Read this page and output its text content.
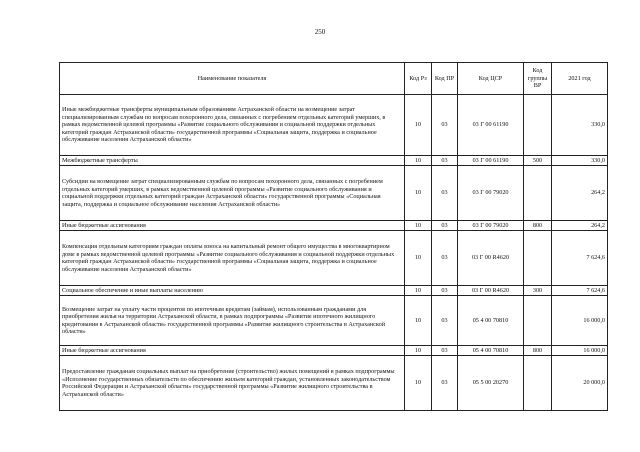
250
Наименование показателя	Код Рз	Код ПР	Код ЦСР	Код группы ВР	2021 год
Иные межбюджетные трансферты муниципальным образованиям Астраханской области на возмещение затрат специализированным службам по вопросам похоронного дела, связанных с погребением отдельных категорий умерших, в рамках ведомственной целевой программы «Развитие социального обслуживания и социальной поддержки отдельных категорий граждан Астраханской области» государственной программы «Социальная защита, поддержка и социальное обслуживание населения Астраханской области»	10	03	03 Г 00 61190		330,0
Межбюджетные трансферты	10	03	03 Г 00 61190	500	330,0
Субсидии на возмещение затрат специализированным службам по вопросам похоронного дела, связанных с погребением отдельных категорий умерших, в рамках ведомственной целевой программы «Развитие социального обслуживания и социальной поддержки отдельных категорий граждан Астраханской области» государственной программы «Социальная защита, поддержка и социальное обслуживание населения Астраханской области»	10	03	03 Г 00 79020		264,2
Иные бюджетные ассигнования	10	03	03 Г 00 79020	800	264,2
Компенсация отдельным категориям граждан оплаты взноса на капитальный ремонт общего имущества в многоквартирном доме в рамках ведомственной целевой программы «Развитие социального обслуживания и социальной поддержки отдельных категорий граждан Астраханской области» государственной программы «Социальная защита, поддержка и социальное обслуживание населения Астраханской области»	10	03	03 Г 00 R4620		7 624,6
Социальное обеспечение и иные выплаты населению	10	03	03 Г 00 R4620	300	7 624,6
Возмещение затрат на уплату части процентов по ипотечным кредитам (займам), использованным гражданами для приобретения жилья на территории Астраханской области, в рамках подпрограммы «Развитие ипотечного жилищного кредитования в Астраханской области» государственной программы «Развитие жилищного строительства в Астраханской области»	10	03	05 4 00 70810		16 000,0
Иные бюджетные ассигнования	10	03	05 4 00 70810	800	16 000,0
Предоставление гражданам социальных выплат на приобретение (строительство) жилых помещений в рамках подпрограммы «Исполнение государственных обязательств по обеспечению жильем категорий граждан, установленных законодательством Российской Федерации и Астраханской области» государственной программы «Развитие жилищного строительства в Астраханской области»	10	03	05 5 00 20270		20 000,0
